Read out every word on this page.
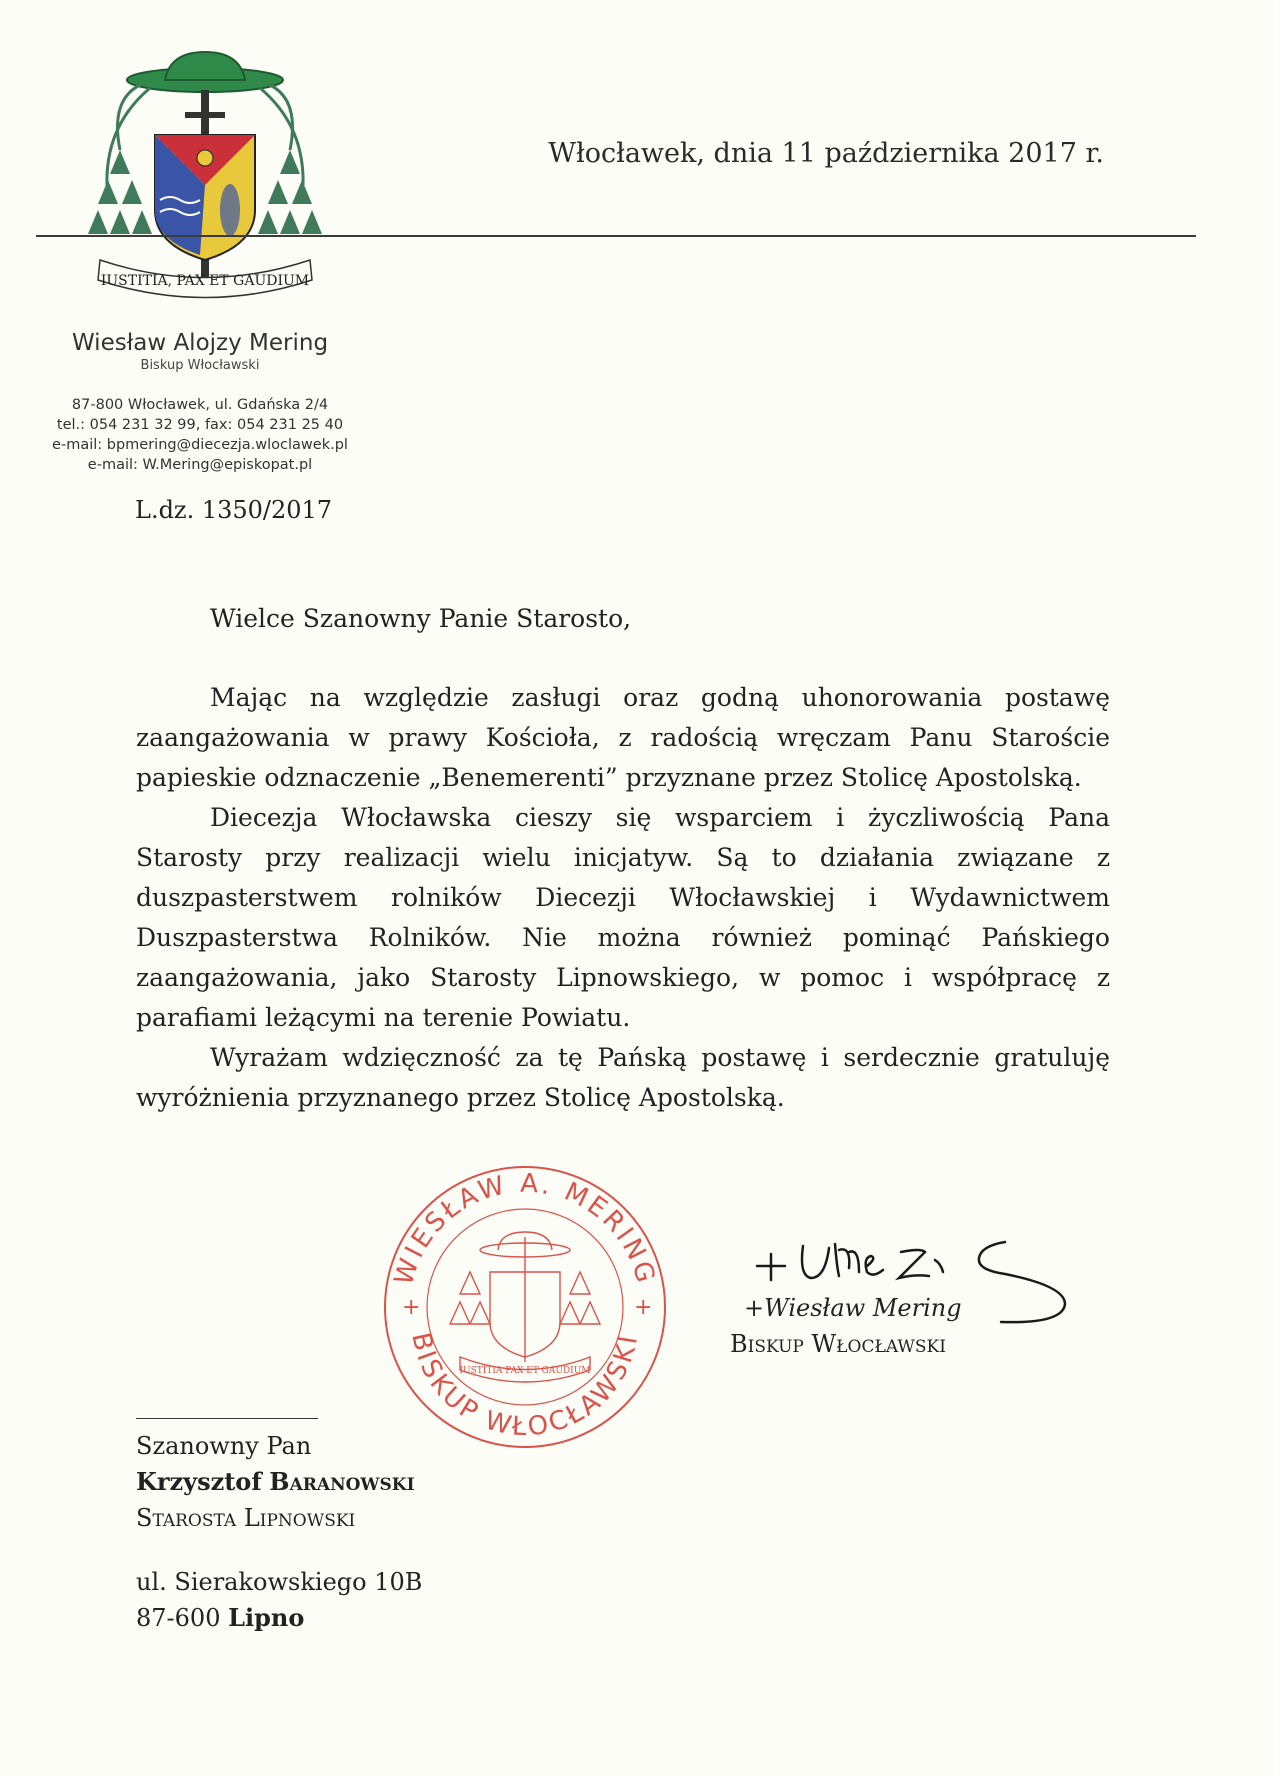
IUSTITIA, PAX ET GAUDIUM
Włocławek, dnia 11 października 2017 r.
Wiesław Alojzy Mering
Biskup Włocławski
87-800 Włocławek, ul. Gdańska 2/4
tel.: 054 231 32 99, fax: 054 231 25 40
e-mail: bpmering@diecezja.wloclawek.pl
e-mail: W.Mering@episkopat.pl
L.dz. 1350/2017
Wielce Szanowny Panie Starosto,

Mając na względzie zasługi oraz godną uhonorowania postawę zaangażowania w prawy Kościoła, z radością wręczam Panu Staroście papieskie odznaczenie „Benemerenti” przyznane przez Stolicę Apostolską.

Diecezja Włocławska cieszy się wsparciem i życzliwością Pana Starosty przy realizacji wielu inicjatyw. Są to działania związane z duszpasterstwem rolników Diecezji Włocławskiej i Wydawnictwem Duszpasterstwa Rolników. Nie można również pominąć Pańskiego zaangażowania, jako Starosty Lipnowskiego, w pomoc i współpracę z parafiami leżącymi na terenie Powiatu.

Wyrażam wdzięczność za tę Pańską postawę i serdecznie gratuluję wyróżnienia przyznanego przez Stolicę Apostolską.

WIESŁAW A. MERING
BISKUP WŁOCŁAWSKI
+	+
IUSTITIA PAX ET GAUDIUM
+Wiesław Mering
Biskup Włocławski
Szanowny Pan
Krzysztof Baranowski
Starosta Lipnowski
ul. Sierakowskiego 10B
87-600 Lipno
